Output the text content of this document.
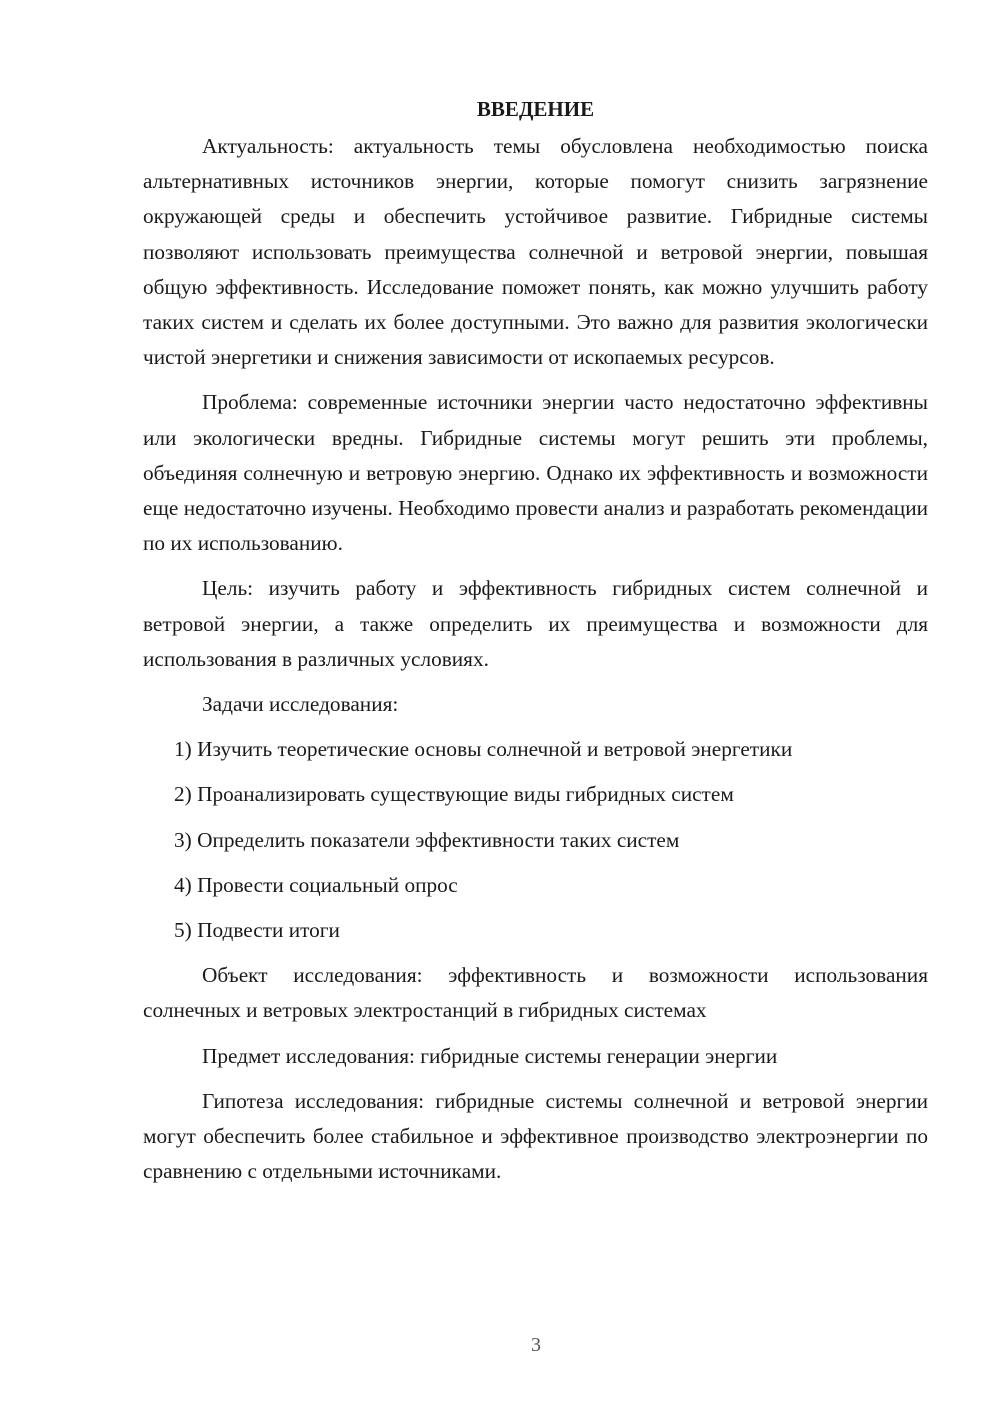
ВВЕДЕНИЕ

Актуальность: актуальность темы обусловлена необходимостью поиска альтернативных источников энергии, которые помогут снизить загрязнение окружающей среды и обеспечить устойчивое развитие. Гибридные системы позволяют использовать преимущества солнечной и ветровой энергии, повышая общую эффективность. Исследование поможет понять, как можно улучшить работу таких систем и сделать их более доступными. Это важно для развития экологически чистой энергетики и снижения зависимости от ископаемых ресурсов.

Проблема: современные источники энергии часто недостаточно эффективны или экологически вредны. Гибридные системы могут решить эти проблемы, объединяя солнечную и ветровую энергию. Однако их эффективность и возможности еще недостаточно изучены. Необходимо провести анализ и разработать рекомендации по их использованию.

Цель: изучить работу и эффективность гибридных систем солнечной и ветровой энергии, а также определить их преимущества и возможности для использования в различных условиях.

Задачи исследования:

1) Изучить теоретические основы солнечной и ветровой энергетики
2) Проанализировать существующие виды гибридных систем
3) Определить показатели эффективности таких систем
4) Провести социальный опрос
5) Подвести итоги

Объект исследования: эффективность и возможности использования солнечных и ветровых электростанций в гибридных системах

Предмет исследования: гибридные системы генерации энергии

Гипотеза исследования: гибридные системы солнечной и ветровой энергии могут обеспечить более стабильное и эффективное производство электроэнергии по сравнению с отдельными источниками.

3
